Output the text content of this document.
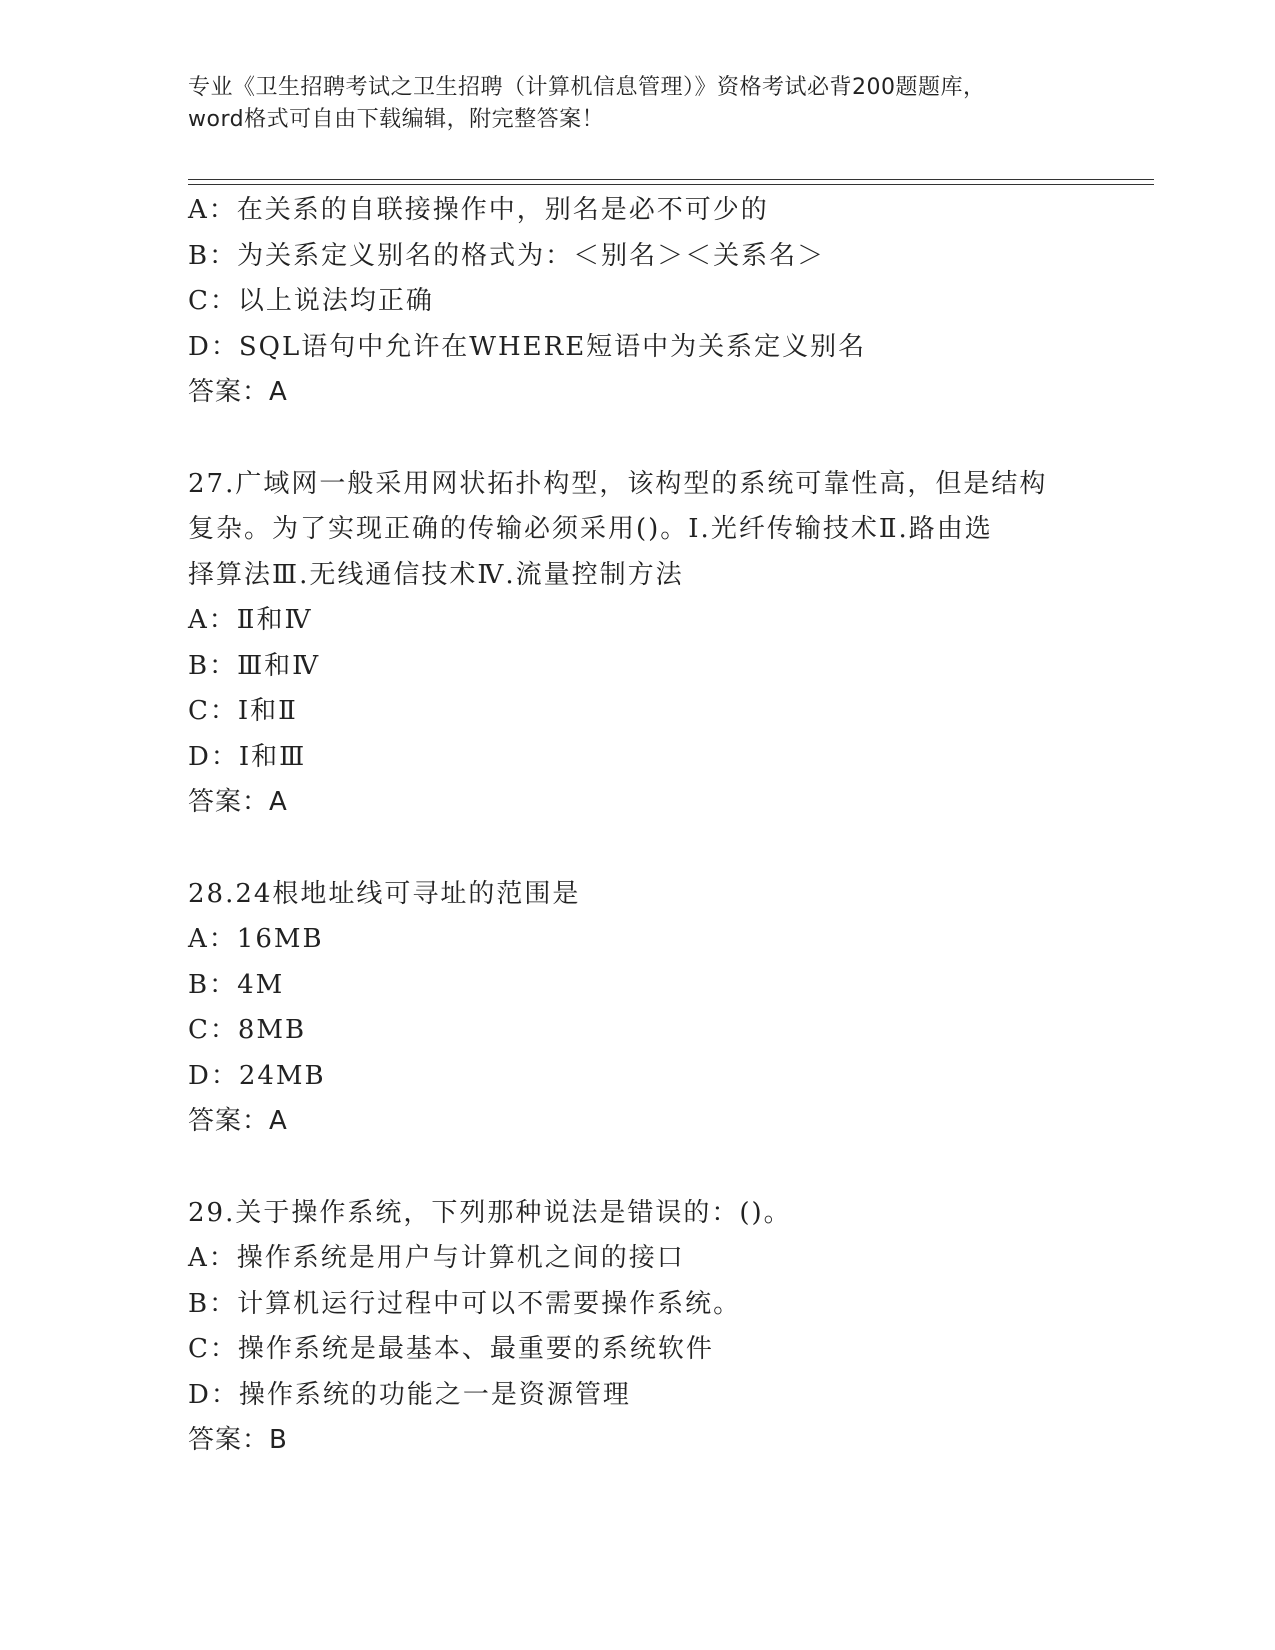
专业《卫生招聘考试之卫生招聘（计算机信息管理）》资格考试必背200题题库，
word格式可自由下载编辑，附完整答案！
A：在关系的自联接操作中，别名是必不可少的
B：为关系定义别名的格式为：＜别名＞＜关系名＞
C：以上说法均正确
D：SQL语句中允许在WHERE短语中为关系定义别名
答案：A
27.广域网一般采用网状拓扑构型，该构型的系统可靠性高，但是结构
复杂。为了实现正确的传输必须采用()。Ⅰ.光纤传输技术Ⅱ.路由选
择算法Ⅲ.无线通信技术Ⅳ.流量控制方法
A：Ⅱ和Ⅳ
B：Ⅲ和Ⅳ
C：Ⅰ和Ⅱ
D：Ⅰ和Ⅲ
答案：A
28.24根地址线可寻址的范围是
A：16MB
B：4M
C：8MB
D：24MB
答案：A
29.关于操作系统，下列那种说法是错误的：()。
A：操作系统是用户与计算机之间的接口
B：计算机运行过程中可以不需要操作系统。
C：操作系统是最基本、最重要的系统软件
D：操作系统的功能之一是资源管理
答案：B
